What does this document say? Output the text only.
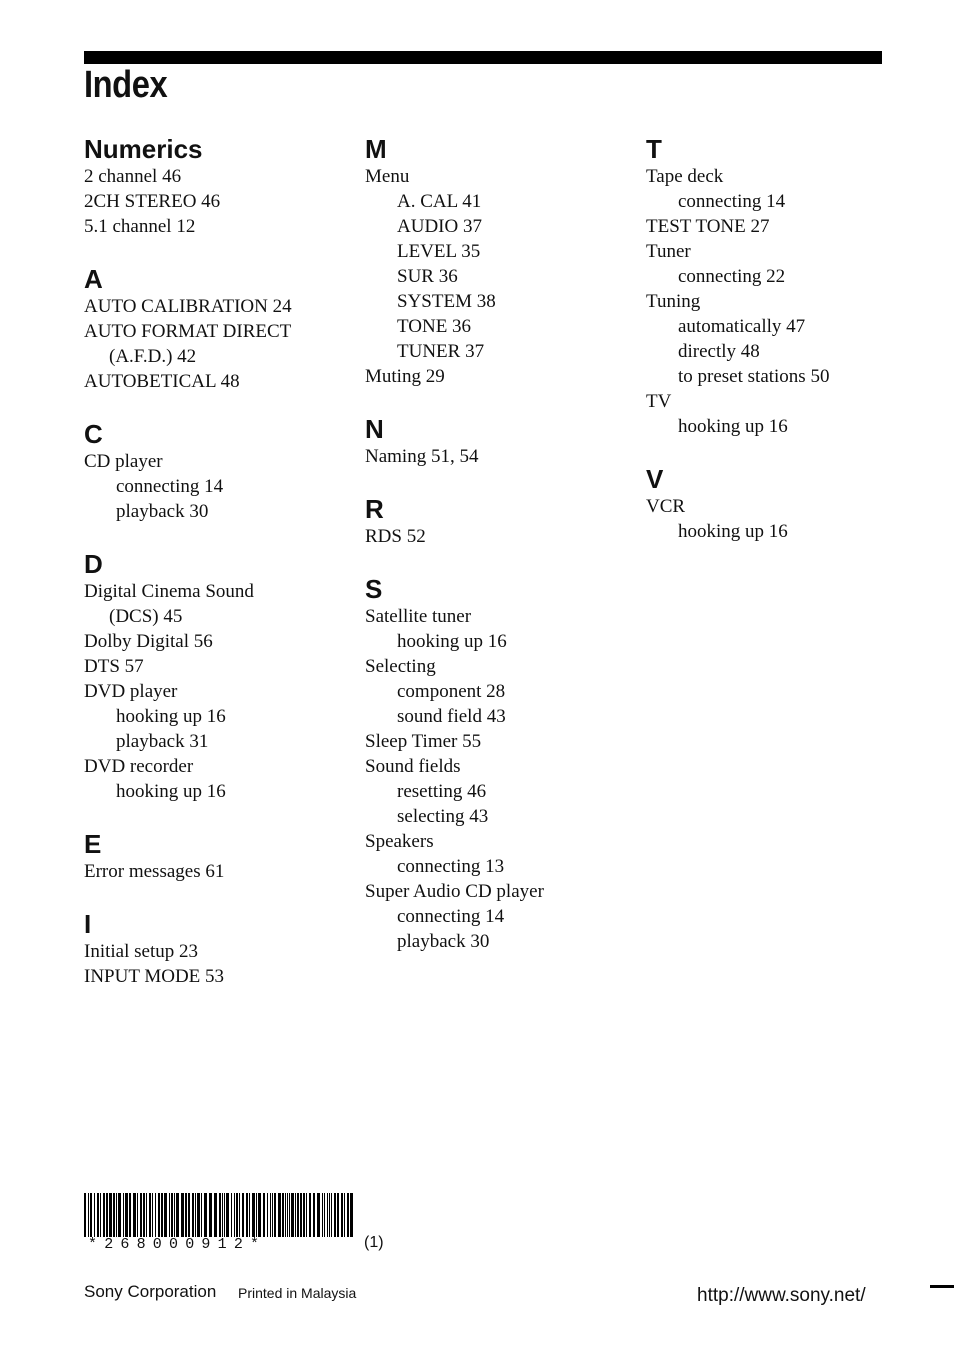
Index
Numerics
2 channel 46
2CH STEREO 46
5.1 channel 12
A
AUTO CALIBRATION 24
AUTO FORMAT DIRECT
(A.F.D.) 42
AUTOBETICAL 48
C
CD player
connecting 14
playback 30
D
Digital Cinema Sound
(DCS) 45
Dolby Digital 56
DTS 57
DVD player
hooking up 16
playback 31
DVD recorder
hooking up 16
E
Error messages 61
I
Initial setup 23
INPUT MODE 53
M
Menu
A. CAL 41
AUDIO 37
LEVEL 35
SUR 36
SYSTEM 38
TONE 36
TUNER 37
Muting 29
N
Naming 51, 54
R
RDS 52
S
Satellite tuner
hooking up 16
Selecting
component 28
sound field 43
Sleep Timer 55
Sound fields
resetting 46
selecting 43
Speakers
connecting 13
Super Audio CD player
connecting 14
playback 30
T
Tape deck
connecting 14
TEST TONE 27
Tuner
connecting 22
Tuning
automatically 47
directly 48
to preset stations 50
TV
hooking up 16
V
VCR
hooking up 16
*268000912*	(1)
Sony Corporation Printed in Malaysia	http://www.sony.net/
